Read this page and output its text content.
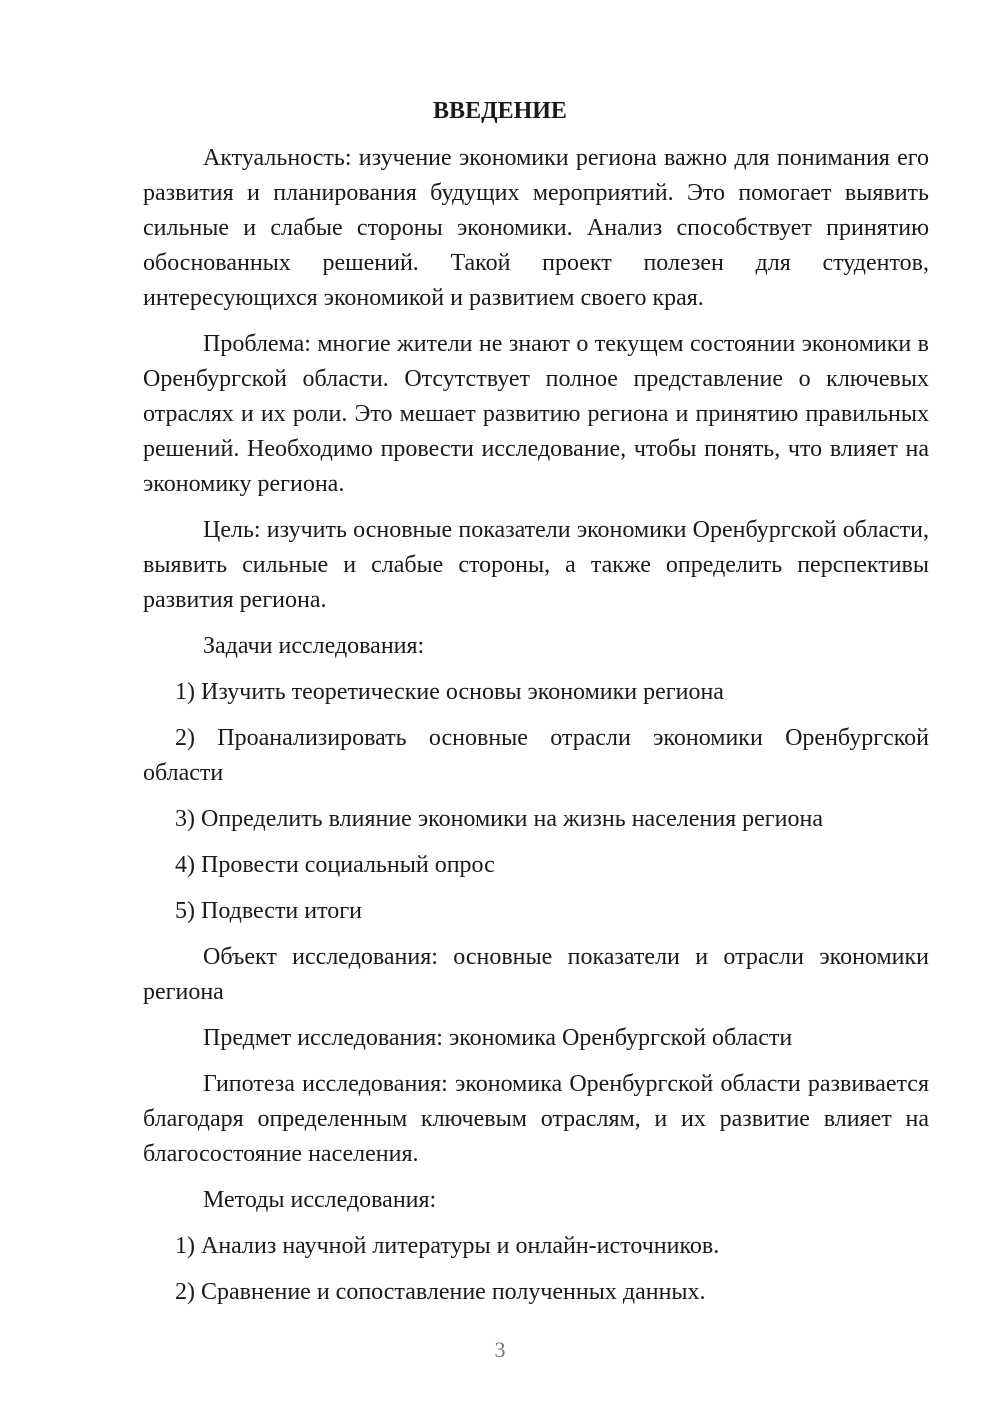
ВВЕДЕНИЕ

Актуальность: изучение экономики региона важно для понимания его развития и планирования будущих мероприятий. Это помогает выявить сильные и слабые стороны экономики. Анализ способствует принятию обоснованных решений. Такой проект полезен для студентов, интересующихся экономикой и развитием своего края.

Проблема: многие жители не знают о текущем состоянии экономики в Оренбургской области. Отсутствует полное представление о ключевых отраслях и их роли. Это мешает развитию региона и принятию правильных решений. Необходимо провести исследование, чтобы понять, что влияет на экономику региона.

Цель: изучить основные показатели экономики Оренбургской области, выявить сильные и слабые стороны, а также определить перспективы развития региона.

Задачи исследования:

1) Изучить теоретические основы экономики региона

2) Проанализировать основные отрасли экономики Оренбургской области

3) Определить влияние экономики на жизнь населения региона

4) Провести социальный опрос

5) Подвести итоги

Объект исследования: основные показатели и отрасли экономики региона

Предмет исследования: экономика Оренбургской области

Гипотеза исследования: экономика Оренбургской области развивается благодаря определенным ключевым отраслям, и их развитие влияет на благосостояние населения.

Методы исследования:

1) Анализ научной литературы и онлайн-источников.

2) Сравнение и сопоставление полученных данных.

3
